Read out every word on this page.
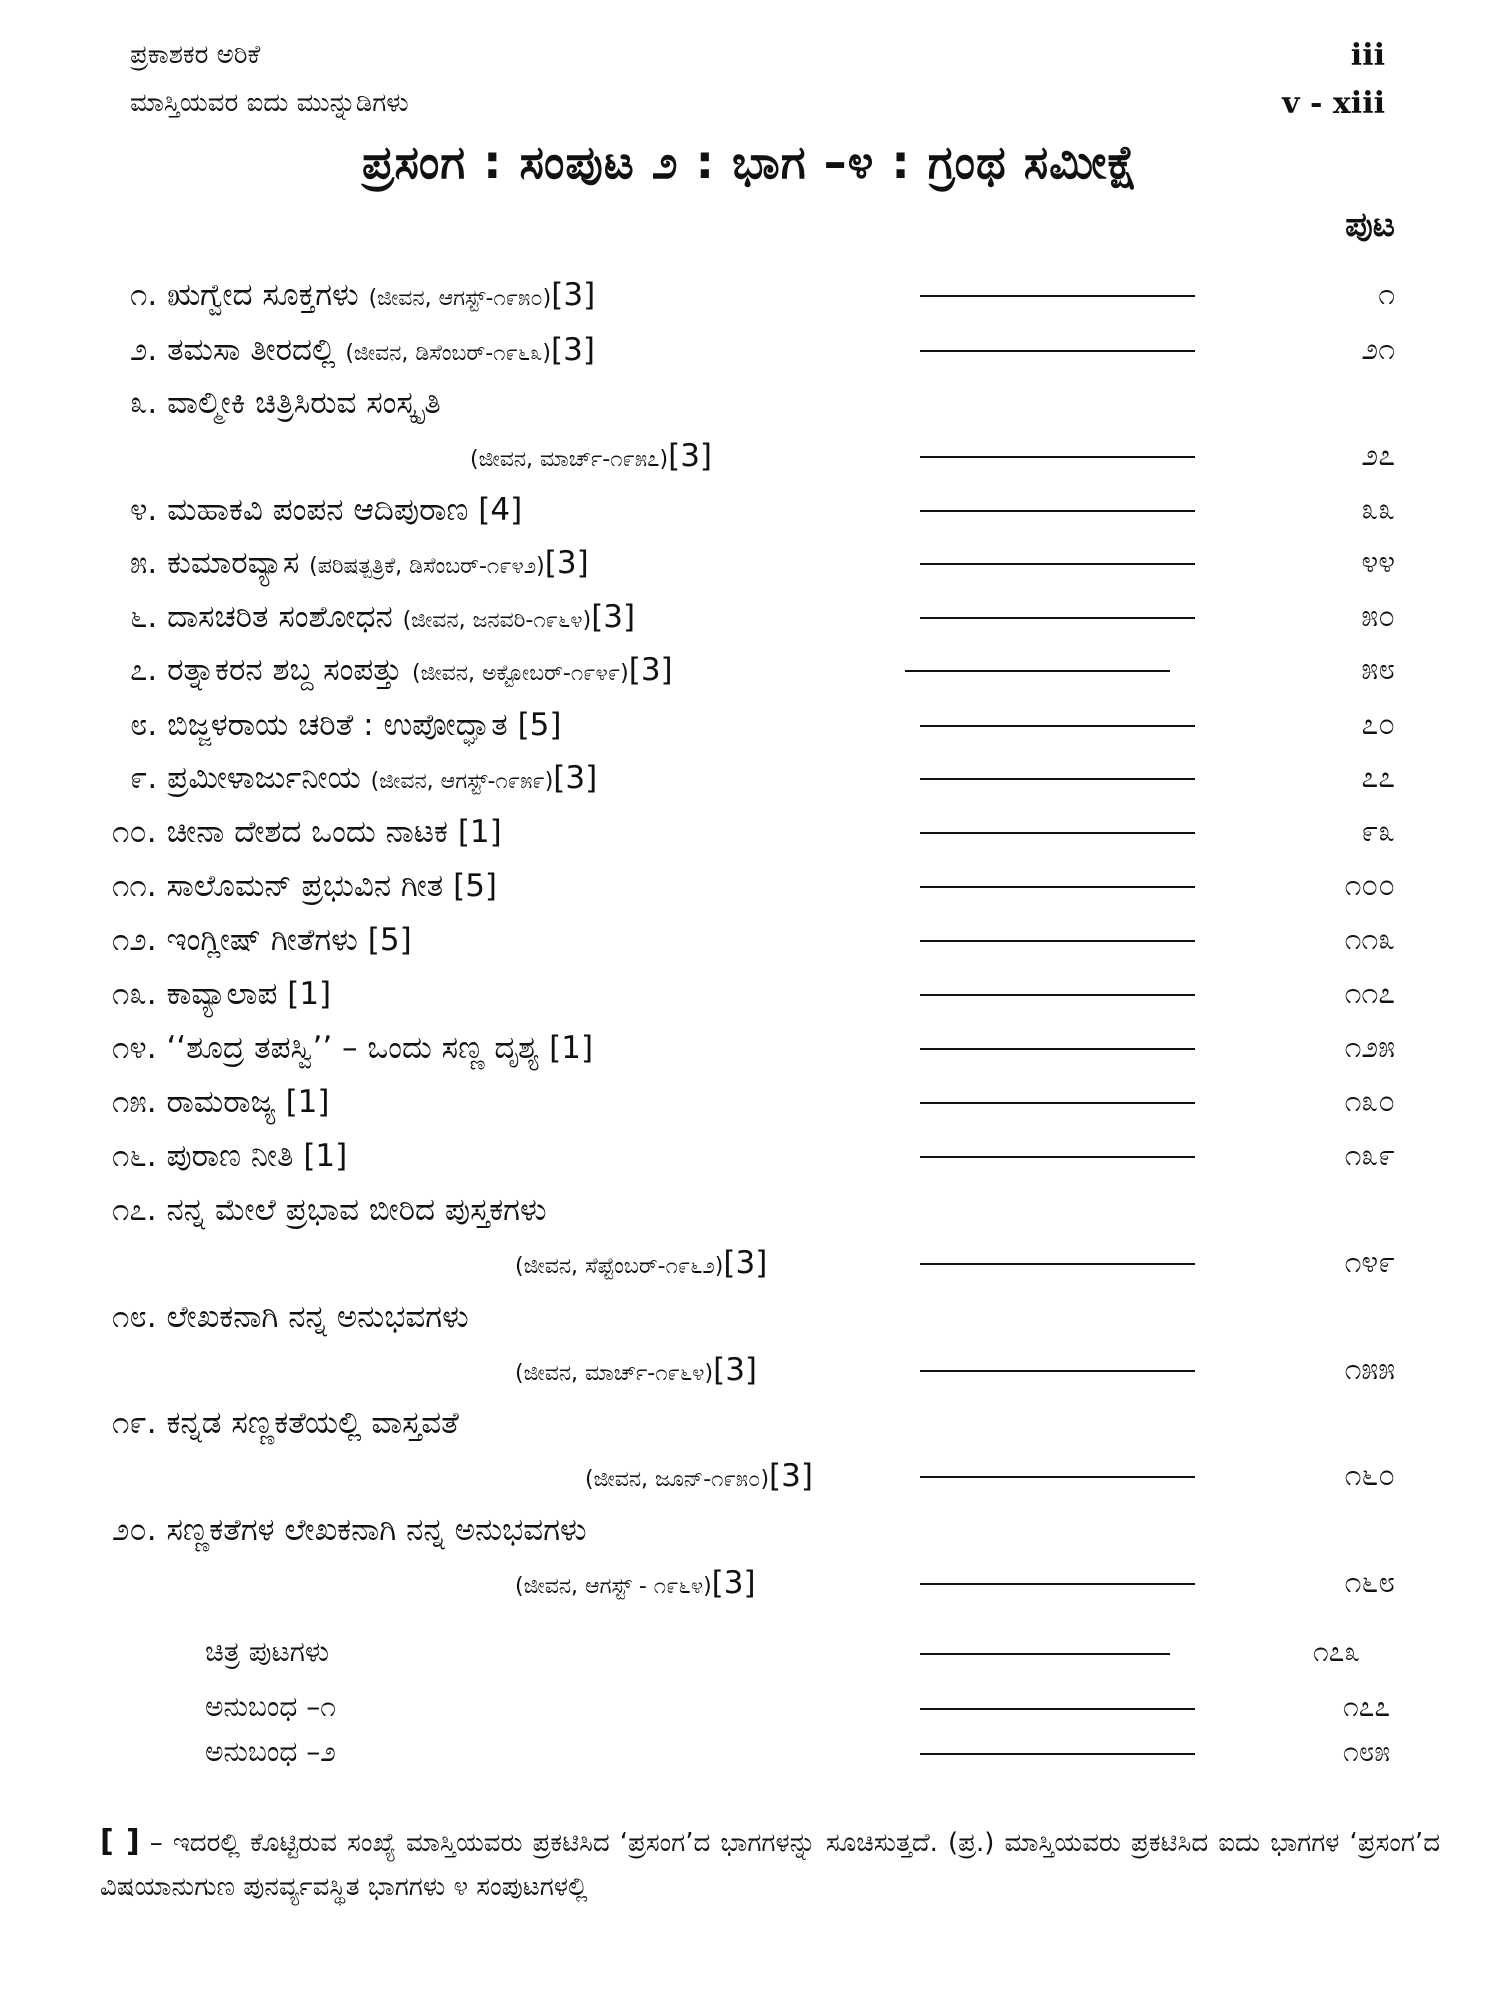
ಪ್ರಕಾಶಕರ ಅರಿಕೆ	iii
ಮಾಸ್ತಿಯವರ ಐದು ಮುನ್ನುಡಿಗಳು	v - xiii
ಪ್ರಸಂಗ : ಸಂಪುಟ ೨ : ಭಾಗ –೪ : ಗ್ರಂಥ ಸಮೀಕ್ಷೆ
ಪುಟ
೧. ಋಗ್ವೇದ ಸೂಕ್ತಗಳು (ಜೀವನ, ಆಗಸ್ಟ್-೧೯೫೦)[3]	೧
೨. ತಮಸಾ ತೀರದಲ್ಲಿ (ಜೀವನ, ಡಿಸೆಂಬರ್-೧೯೬೩)[3]	೨೧
೩. ವಾಲ್ಮೀಕಿ ಚಿತ್ರಿಸಿರುವ ಸಂಸ್ಕೃತಿ
(ಜೀವನ, ಮಾರ್ಚ್-೧೯೫೭)[3]	೨೭
೪. ಮಹಾಕವಿ ಪಂಪನ ಆದಿಪುರಾಣ [4]	೩೩
೫. ಕುಮಾರವ್ಯಾಸ (ಪರಿಷತ್ಪತ್ರಿಕೆ, ಡಿಸೆಂಬರ್-೧೯೪೨)[3]	೪೪
೬. ದಾಸಚರಿತ ಸಂಶೋಧನ (ಜೀವನ, ಜನವರಿ-೧೯೬೪)[3]	೫೦
೭. ರತ್ನಾಕರನ ಶಬ್ದ ಸಂಪತ್ತು (ಜೀವನ, ಅಕ್ಟೋಬರ್-೧೯೪೯)[3]	೫೮
೮. ಬಿಜ್ಜಳರಾಯ ಚರಿತೆ : ಉಪೋದ್ಘಾತ [5]	೭೦
೯. ಪ್ರಮೀಳಾರ್ಜುನೀಯ (ಜೀವನ, ಆಗಸ್ಟ್-೧೯೫೯)[3]	೭೭
೧೦. ಚೀನಾ ದೇಶದ ಒಂದು ನಾಟಕ [1]	೯೩
೧೧. ಸಾಲೊಮನ್ ಪ್ರಭುವಿನ ಗೀತ [5]	೧೦೦
೧೨. ಇಂಗ್ಲೀಷ್ ಗೀತೆಗಳು [5]	೧೧೩
೧೩. ಕಾವ್ಯಾಲಾಪ [1]	೧೧೭
೧೪. ‘‘ಶೂದ್ರ ತಪಸ್ವಿ’’ – ಒಂದು ಸಣ್ಣ ದೃಶ್ಯ [1]	೧೨೫
೧೫. ರಾಮರಾಜ್ಯ [1]	೧೩೦
೧೬. ಪುರಾಣ ನೀತಿ [1]	೧೩೯
೧೭. ನನ್ನ ಮೇಲೆ ಪ್ರಭಾವ ಬೀರಿದ ಪುಸ್ತಕಗಳು
(ಜೀವನ, ಸೆಪ್ಟೆಂಬರ್-೧೯೬೨)[3]	೧೪೯
೧೮. ಲೇಖಕನಾಗಿ ನನ್ನ ಅನುಭವಗಳು
(ಜೀವನ, ಮಾರ್ಚ್-೧೯೬೪)[3]	೧೫೫
೧೯. ಕನ್ನಡ ಸಣ್ಣಕತೆಯಲ್ಲಿ ವಾಸ್ತವತೆ
(ಜೀವನ, ಜೂನ್-೧೯೫೦)[3]	೧೬೦
೨೦. ಸಣ್ಣಕತೆಗಳ ಲೇಖಕನಾಗಿ ನನ್ನ ಅನುಭವಗಳು
(ಜೀವನ, ಆಗಸ್ಟ್ - ೧೯೬೪)[3]	೧೬೮
ಚಿತ್ರ ಪುಟಗಳು	೧೭೩
ಅನುಬಂಧ –೧	೧೭೭
ಅನುಬಂಧ –೨	೧೮೫
[ ] – ಇದರಲ್ಲಿ ಕೊಟ್ಟಿರುವ ಸಂಖ್ಯೆ ಮಾಸ್ತಿಯವರು ಪ್ರಕಟಿಸಿದ ‘ಪ್ರಸಂಗ’ದ ಭಾಗಗಳನ್ನು ಸೂಚಿಸುತ್ತದೆ. (ಪ್ರ.) ಮಾಸ್ತಿಯವರು ಪ್ರಕಟಿಸಿದ ಐದು ಭಾಗಗಳ ‘ಪ್ರಸಂಗ’ದ ವಿಷಯಾನುಗುಣ ಪುನರ್ವ್ಯವಸ್ಥಿತ ಭಾಗಗಳು ೪ ಸಂಪುಟಗಳಲ್ಲಿ
